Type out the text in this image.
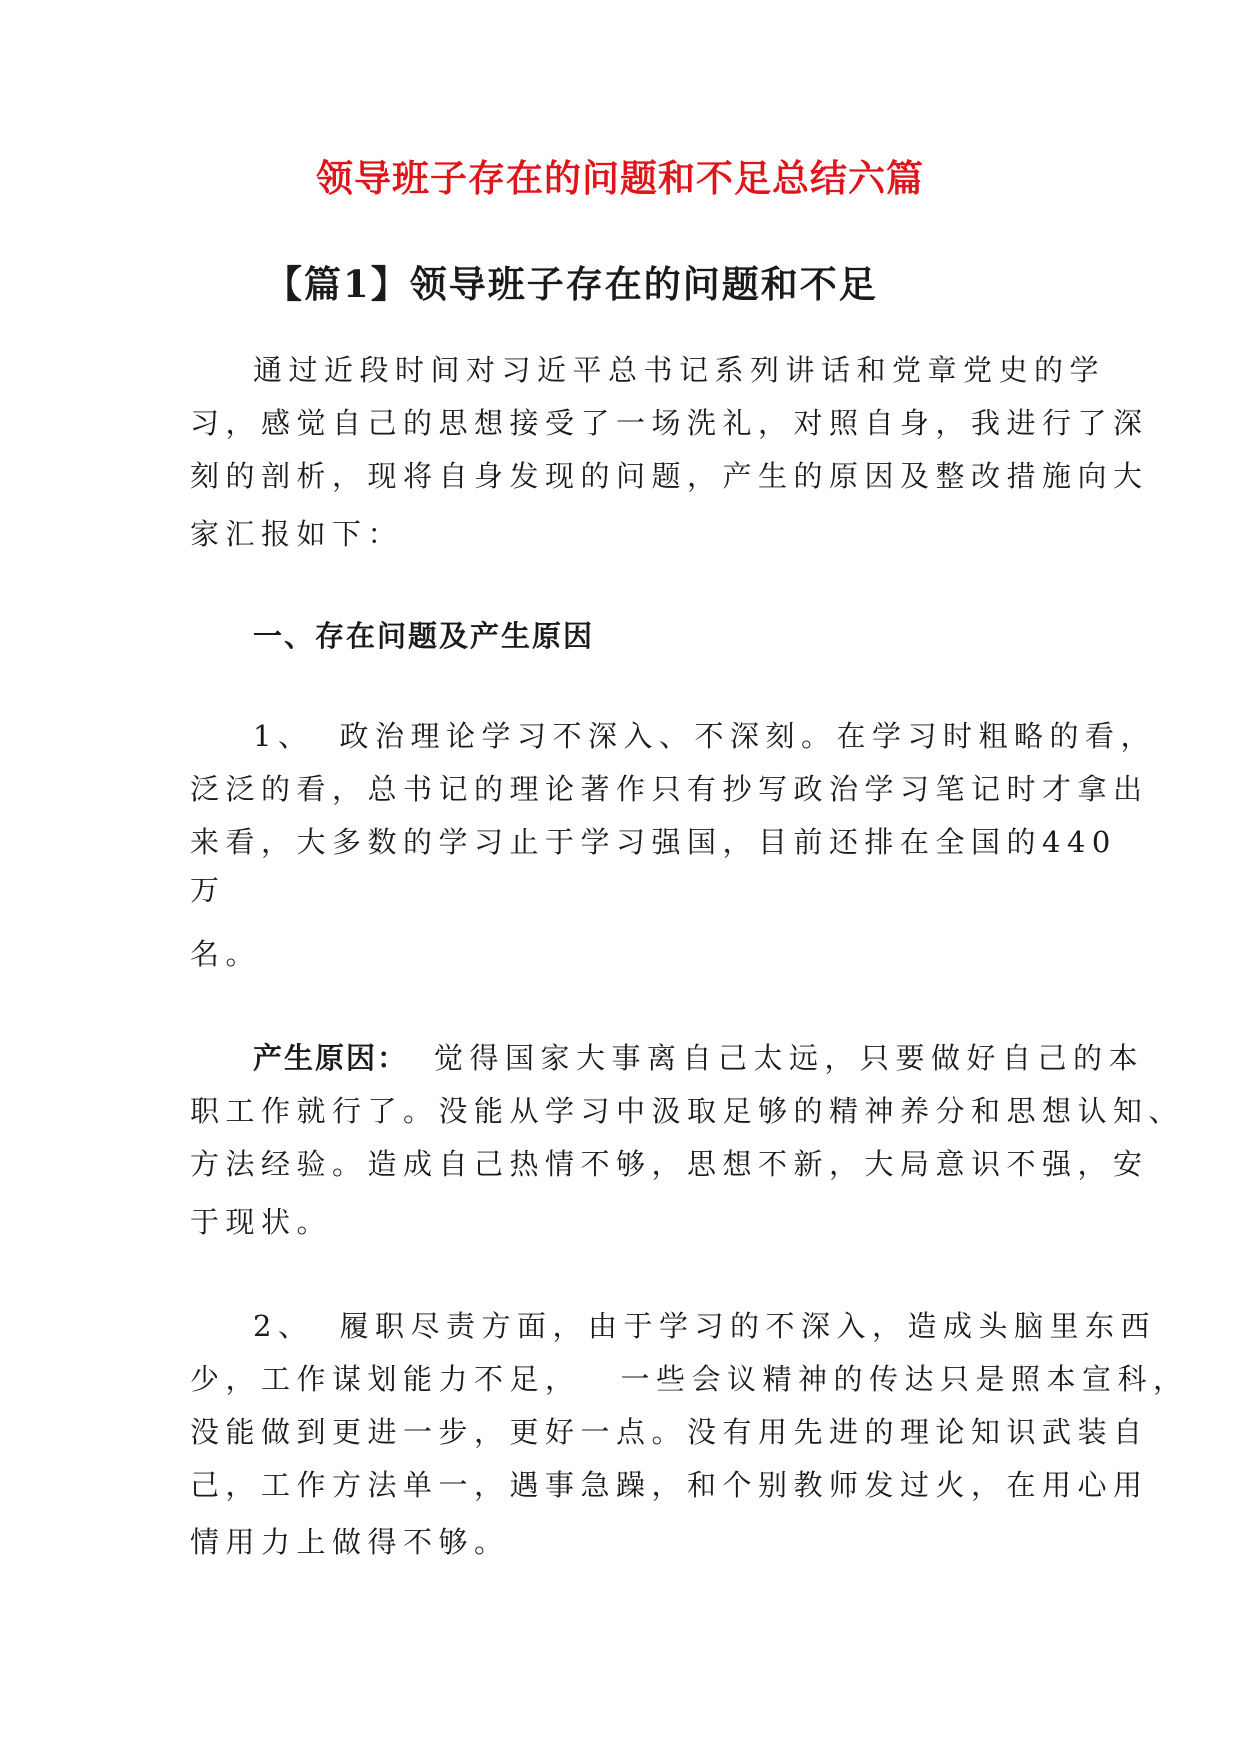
领导班子存在的问题和不足总结六篇
【篇1】领导班子存在的问题和不足
通过近段时间对习近平总书记系列讲话和党章党史的学
习，感觉自己的思想接受了一场洗礼，对照自身，我进行了深
刻的剖析，现将自身发现的问题，产生的原因及整改措施向大
家汇报如下：
一、存在问题及产生原因
1、 政治理论学习不深入、不深刻。在学习时粗略的看，
泛泛的看，总书记的理论著作只有抄写政治学习笔记时才拿出
来看，大多数的学习止于学习强国，目前还排在全国的440
万
名。
产生原因： 觉得国家大事离自己太远，只要做好自己的本
职工作就行了。没能从学习中汲取足够的精神养分和思想认知、
方法经验。造成自己热情不够，思想不新，大局意识不强，安
于现状。
2、 履职尽责方面，由于学习的不深入，造成头脑里东西
少，工作谋划能力不足， 一些会议精神的传达只是照本宣科，
没能做到更进一步，更好一点。没有用先进的理论知识武装自
己，工作方法单一，遇事急躁，和个别教师发过火，在用心用
情用力上做得不够。
